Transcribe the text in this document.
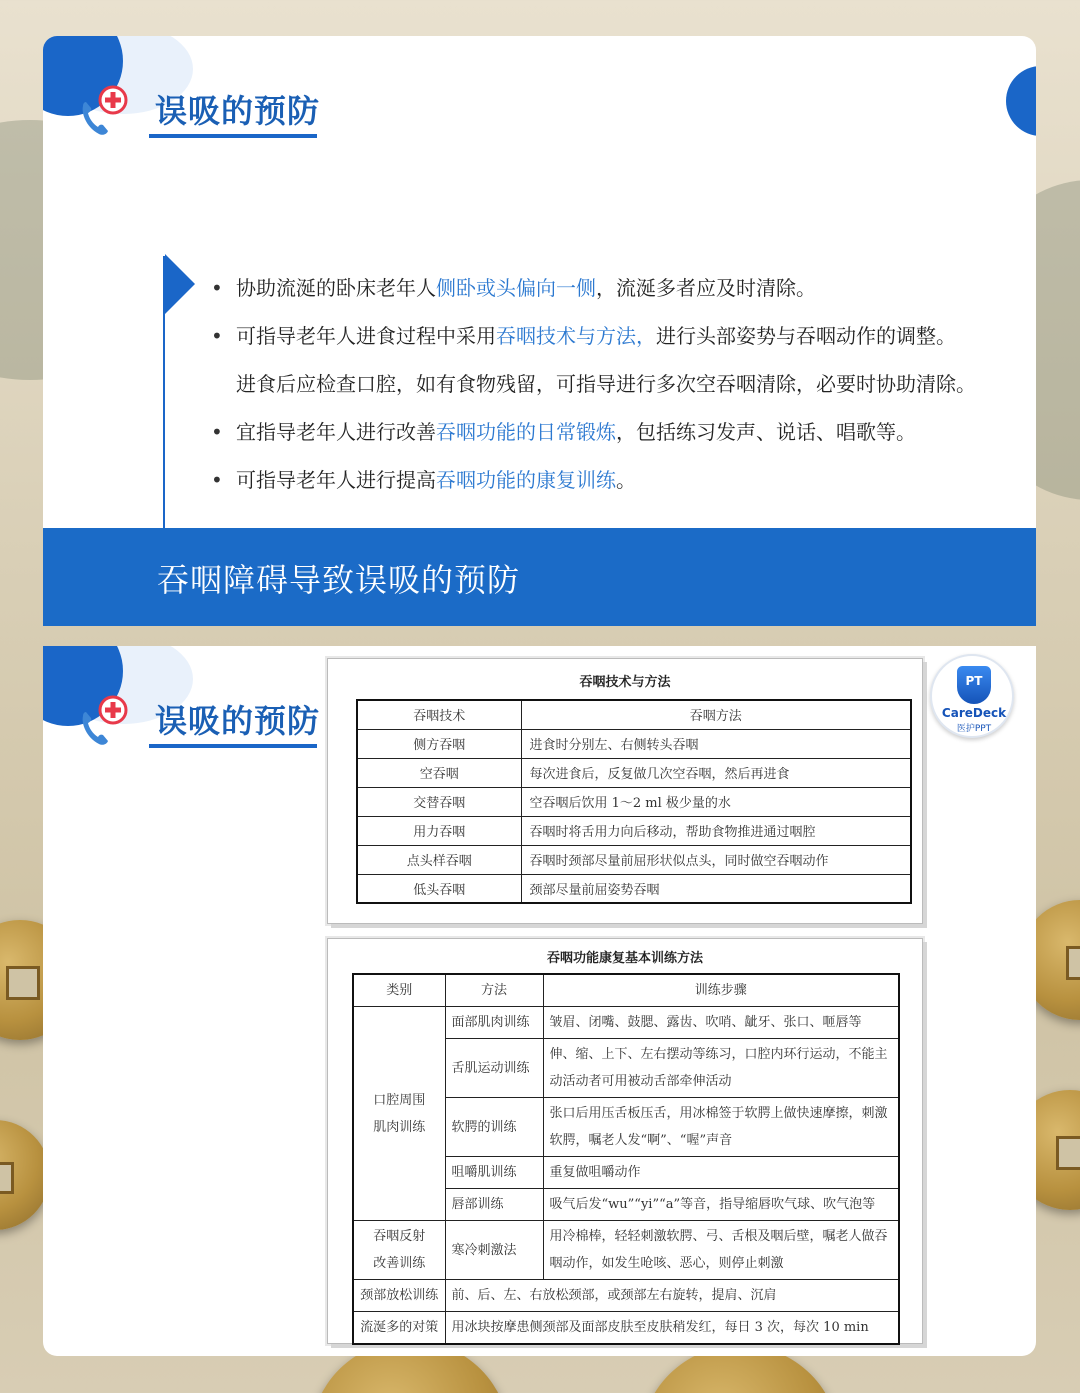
误吸的预防
• 协助流涎的卧床老年人侧卧或头偏向一侧，流涎多者应及时清除。
• 可指导老年人进食过程中采用吞咽技术与方法，进行头部姿势与吞咽动作的调整。
进食后应检查口腔，如有食物残留，可指导进行多次空吞咽清除，必要时协助清除。
• 宜指导老年人进行改善吞咽功能的日常锻炼，包括练习发声、说话、唱歌等。
• 可指导老年人进行提高吞咽功能的康复训练。
吞咽障碍导致误吸的预防
误吸的预防
吞咽技术与方法
吞咽技术	吞咽方法
侧方吞咽	进食时分别左、右侧转头吞咽
空吞咽	每次进食后，反复做几次空吞咽，然后再进食
交替吞咽	空吞咽后饮用 1～2 ml 极少量的水
用力吞咽	吞咽时将舌用力向后移动，帮助食物推进通过咽腔
点头样吞咽	吞咽时颈部尽量前屈形状似点头，同时做空吞咽动作
低头吞咽	颈部尽量前屈姿势吞咽
吞咽功能康复基本训练方法
类别	方法	训练步骤
口腔周围肌肉训练	面部肌肉训练	皱眉、闭嘴、鼓腮、露齿、吹哨、龇牙、张口、咂唇等
	舌肌运动训练	伸、缩、上下、左右摆动等练习，口腔内环行运动，不能主动活动者可用被动舌部牵伸活动
	软腭的训练	张口后用压舌板压舌，用冰棉签于软腭上做快速摩擦，刺激软腭，嘱老人发“啊”、“喔”声音
	咀嚼肌训练	重复做咀嚼动作
	唇部训练	吸气后发“wu”“yi”“a”等音，指导缩唇吹气球、吹气泡等
吞咽反射改善训练	寒冷刺激法	用冷棉棒，轻轻刺激软腭、弓、舌根及咽后壁，嘱老人做吞咽动作，如发生呛咳、恶心，则停止刺激
颈部放松训练	前、后、左、右放松颈部，或颈部左右旋转，提肩、沉肩	
流涎多的对策	用冰块按摩患侧颈部及面部皮肤至皮肤稍发红，每日 3 次，每次 10 min	
PT
CareDeck
医护PPT
